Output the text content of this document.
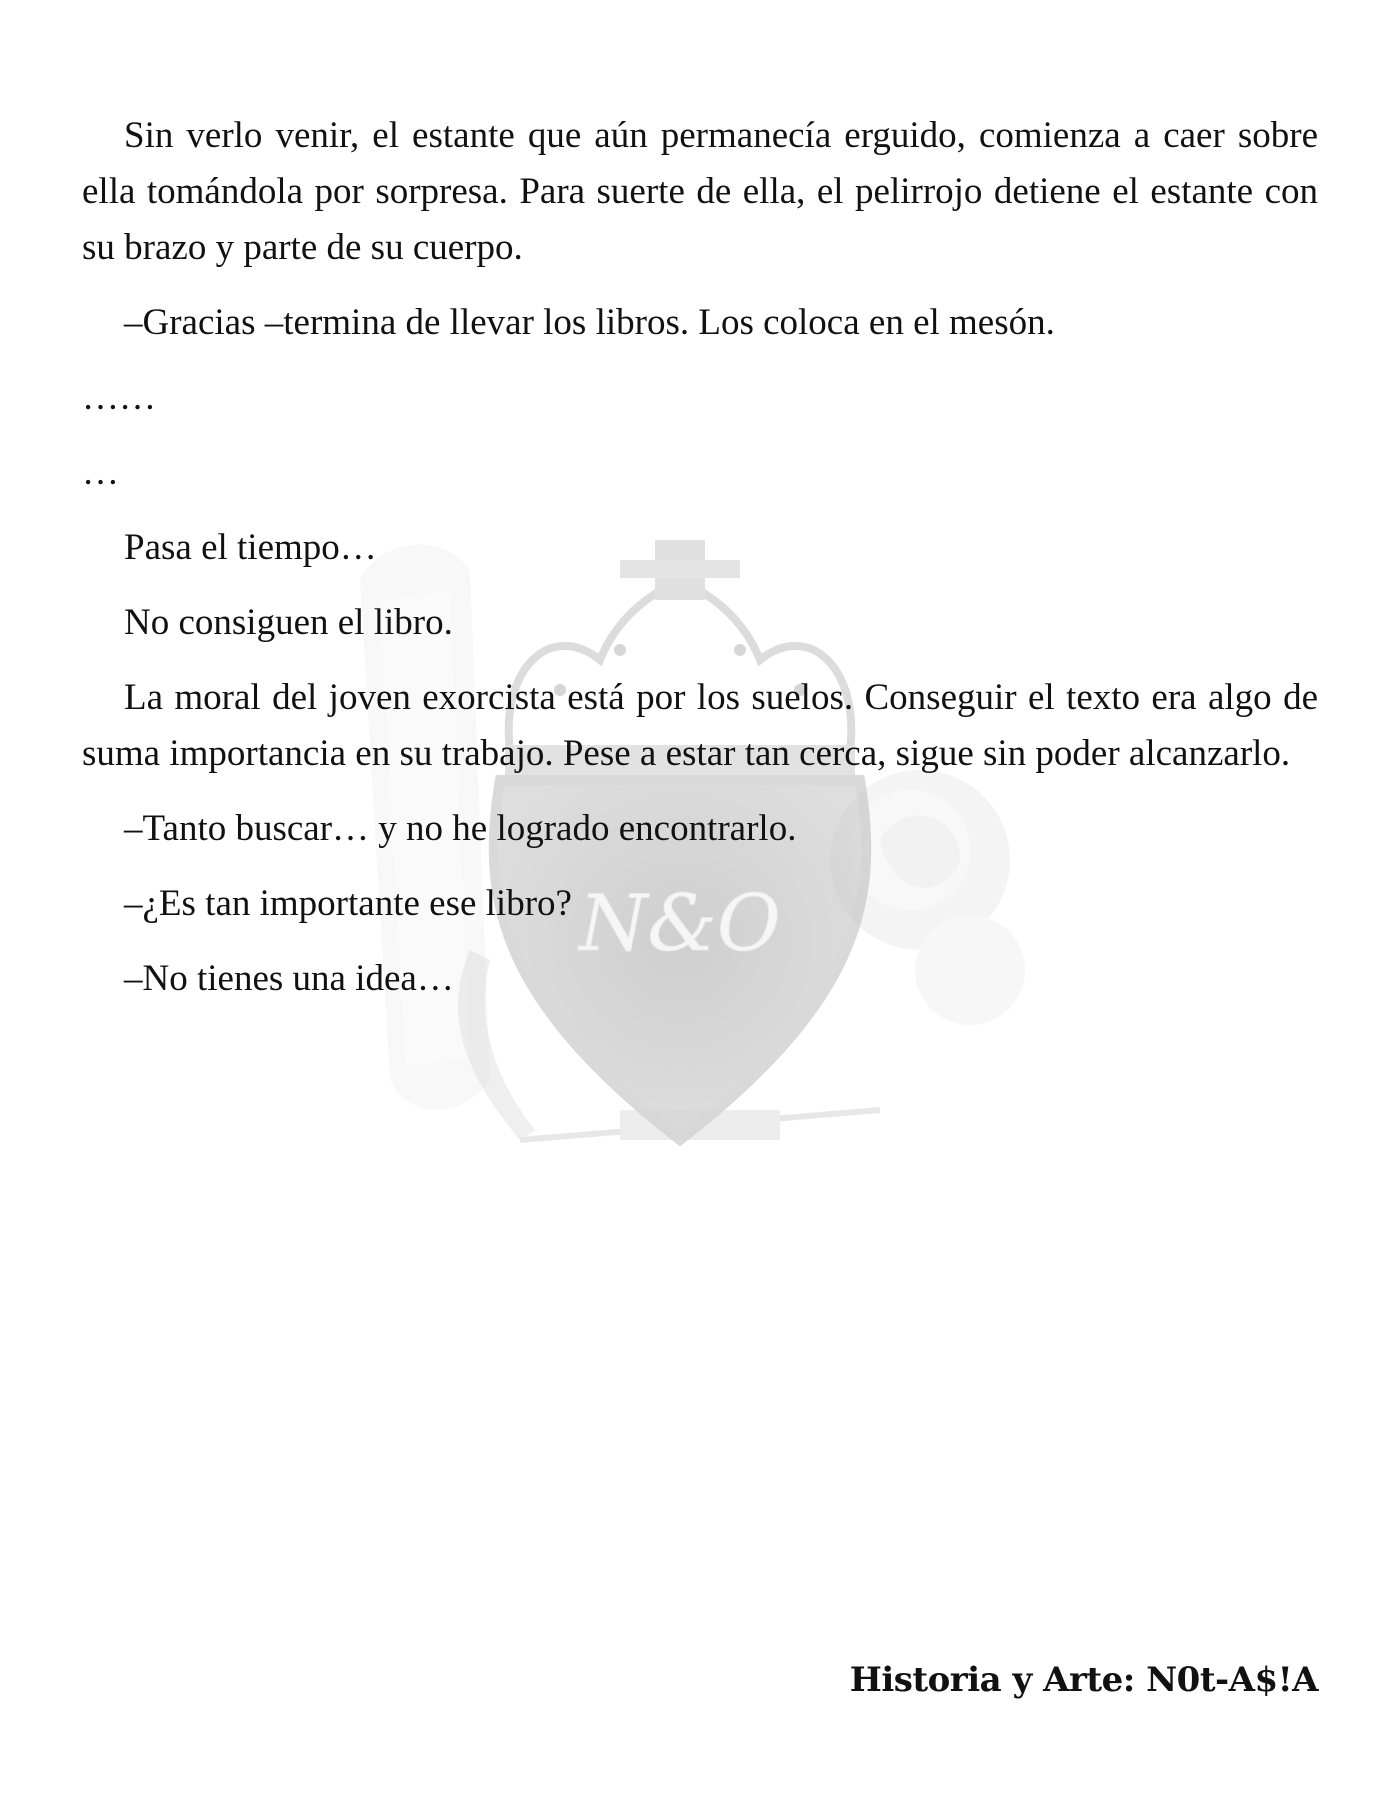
N&O

Sin verlo venir, el estante que aún permanecía erguido, comienza a caer sobre ella tomándola por sorpresa. Para suerte de ella, el pelirrojo detiene el estante con su brazo y parte de su cuerpo.

–Gracias –termina de llevar los libros. Los coloca en el mesón.

……

…

Pasa el tiempo…

No consiguen el libro.

La moral del joven exorcista está por los suelos. Conseguir el texto era algo de suma importancia en su trabajo. Pese a estar tan cerca, sigue sin poder alcanzarlo.

–Tanto buscar… y no he logrado encontrarlo.

–¿Es tan importante ese libro?

–No tienes una idea…

Historia y Arte: N0t-A$!A
